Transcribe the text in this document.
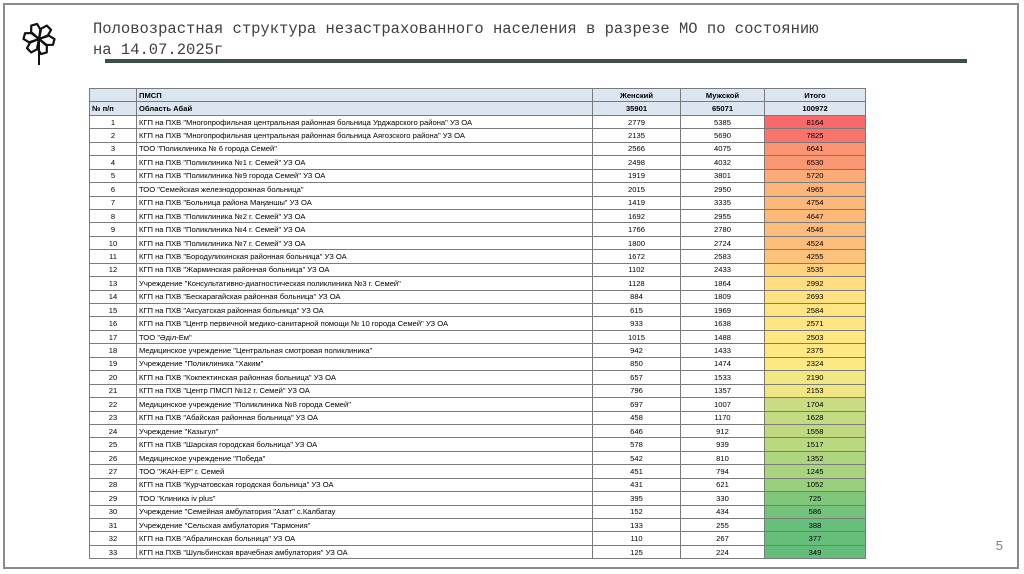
Половозрастная структура незастрахованного населения в разрезе МО по состоянию
на 14.07.2025г
5
	ПМСП	Женский	Мужской	Итого
№ п/п	Область Абай	35901	65071	100972
1	КГП на ПХВ "Многопрофильная центральная районная больница Урджарского района" УЗ ОА	2779	5385	8164
2	КГП на ПХВ "Многопрофильная центральная районная больница Аягозского района" УЗ ОА	2135	5690	7825
3	ТОО "Поликлиника № 6 города Семей"	2566	4075	6641
4	КГП на ПХВ "Поликлиника №1 г. Семей" УЗ ОА	2498	4032	6530
5	КГП на ПХВ "Поликлиника №9 города Семей" УЗ ОА	1919	3801	5720
6	ТОО "Семейская железнодорожная больница"	2015	2950	4965
7	КГП на ПХВ "Больница района Маңаншы" УЗ ОА	1419	3335	4754
8	КГП на ПХВ "Поликлиника №2 г. Семей" УЗ ОА	1692	2955	4647
9	КГП на ПХВ "Поликлиника №4 г. Семей" УЗ ОА	1766	2780	4546
10	КГП на ПХВ "Поликлиника №7 г. Семей" УЗ ОА	1800	2724	4524
11	КГП на ПХВ "Бородулихинская районная больница" УЗ ОА	1672	2583	4255
12	КГП на ПХВ "Жарминская районная больница" УЗ ОА	1102	2433	3535
13	Учреждение "Консультативно-диагностическая поликлиника №3 г. Семей"	1128	1864	2992
14	КГП на ПХВ "Бескарагайская районная больница" УЗ ОА	884	1809	2693
15	КГП на ПХВ "Аксуатская районная больница" УЗ ОА	615	1969	2584
16	КГП на ПХВ "Центр первичной медико-санитарной помощи № 10 города Семей" УЗ ОА	933	1638	2571
17	ТОО "Әділ-Ем"	1015	1488	2503
18	Медицинское учреждение "Центральная смотровая поликлиника"	942	1433	2375
19	Учреждение "Поликлиника "Хаким"	850	1474	2324
20	КГП на ПХВ "Кокпектинская районная больница" УЗ ОА	657	1533	2190
21	КГП на ПХВ "Центр ПМСП №12 г. Семей" УЗ ОА	796	1357	2153
22	Медицинское учреждение "Поликлиника №8 города Семей"	697	1007	1704
23	КГП на ПХВ "Абайская районная больница" УЗ ОА	458	1170	1628
24	Учреждение "Казыгул"	646	912	1558
25	КГП на ПХВ "Шарская городская больница" УЗ ОА	578	939	1517
26	Медицинское учреждение "Победа"	542	810	1352
27	ТОО "ЖАН-ЕР" г. Семей	451	794	1245
28	КГП на ПХВ "Курчатовская городская больница" УЗ ОА	431	621	1052
29	ТОО "Клиника iv plus"	395	330	725
30	Учреждение "Семейная амбулатория "Азат" с.Калбатау	152	434	586
31	Учреждение "Сельская амбулатория "Гармония"	133	255	388
32	КГП на ПХВ "Абралинская больница" УЗ ОА	110	267	377
33	КГП на ПХВ "Шульбинская врачебная амбулатория" УЗ ОА	125	224	349
